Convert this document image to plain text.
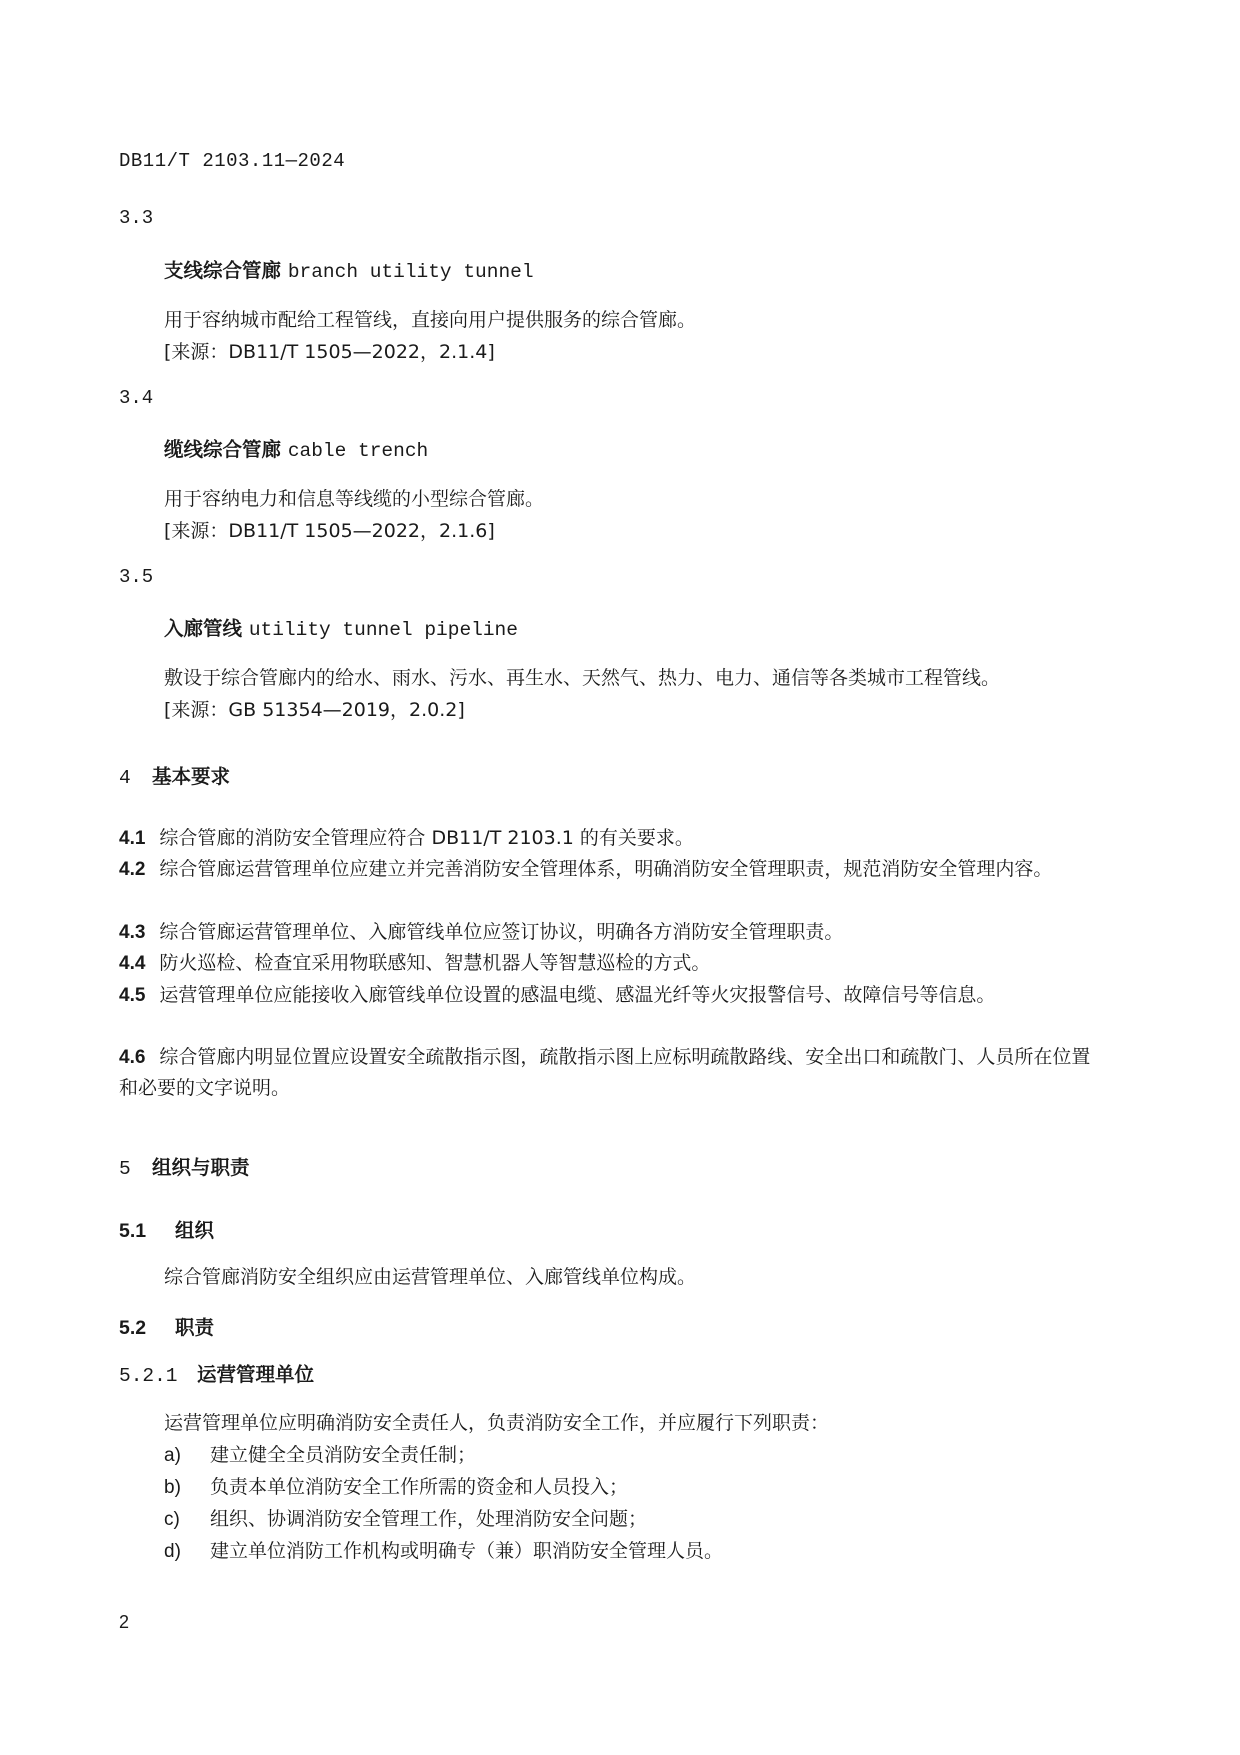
DB11/T 2103.11—2024
3.3
支线综合管廊 branch utility tunnel
用于容纳城市配给工程管线，直接向用户提供服务的综合管廊。
[来源：DB11/T 1505—2022，2.1.4]
3.4
缆线综合管廊 cable trench
用于容纳电力和信息等线缆的小型综合管廊。
[来源：DB11/T 1505—2022，2.1.6]
3.5
入廊管线 utility tunnel pipeline
敷设于综合管廊内的给水、雨水、污水、再生水、天然气、热力、电力、通信等各类城市工程管线。
[来源：GB 51354—2019，2.0.2]
4 基本要求
4.1 综合管廊的消防安全管理应符合 DB11/T 2103.1 的有关要求。
4.2 综合管廊运营管理单位应建立并完善消防安全管理体系，明确消防安全管理职责，规范消防安全管理内容。
4.3 综合管廊运营管理单位、入廊管线单位应签订协议，明确各方消防安全管理职责。
4.4 防火巡检、检查宜采用物联感知、智慧机器人等智慧巡检的方式。
4.5 运营管理单位应能接收入廊管线单位设置的感温电缆、感温光纤等火灾报警信号、故障信号等信息。
4.6 综合管廊内明显位置应设置安全疏散指示图，疏散指示图上应标明疏散路线、安全出口和疏散门、人员所在位置和必要的文字说明。
5 组织与职责
5.1 组织
综合管廊消防安全组织应由运营管理单位、入廊管线单位构成。
5.2 职责
5.2.1 运营管理单位
运营管理单位应明确消防安全责任人，负责消防安全工作，并应履行下列职责：
a) 建立健全全员消防安全责任制；
b) 负责本单位消防安全工作所需的资金和人员投入；
c) 组织、协调消防安全管理工作，处理消防安全问题；
d) 建立单位消防工作机构或明确专（兼）职消防安全管理人员。
2
